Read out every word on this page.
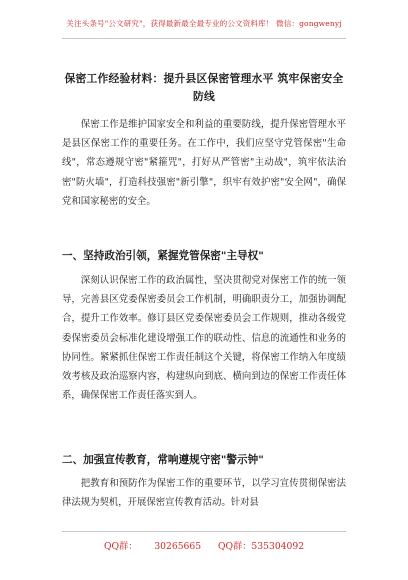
关注头条号"公文研究"，获得最新最全最专业的公文资料库！ 微信：gongwenyj
保密工作经验材料：提升县区保密管理水平 筑牢保密安全
防线
保密工作是维护国家安全和利益的重要防线，提升保密管理水平是县区保密工作的重要任务。在工作中，我们应坚守党管保密"生命线"，常态遵规守密"紧箍咒"，打好从严管密"主动战"，筑牢依法治密"防火墙"，打造科技强密"新引擎"，织牢有效护密"安全网"，确保党和国家秘密的安全。
一、坚持政治引领，紧握党管保密"主导权"
深刻认识保密工作的政治属性，坚决贯彻党对保密工作的统一领导，完善县区党委保密委员会工作机制，明确职责分工，加强协调配合，提升工作效率。修订县区党委保密委员会工作规则，推动各级党委保密委员会标准化建设增强工作的联动性、信息的流通性和业务的协同性。紧紧抓住保密工作责任制这个关键，将保密工作纳入年度绩效考核及政治巡察内容，构建纵向到底、横向到边的保密工作责任体系，确保保密工作责任落实到人。
二、加强宣传教育，常响遵规守密"警示钟"
把教育和预防作为保密工作的重要环节，以学习宣传贯彻保密法律法规为契机，开展保密宣传教育活动。针对县
QQ群： 30265665 QQ群：535304092
